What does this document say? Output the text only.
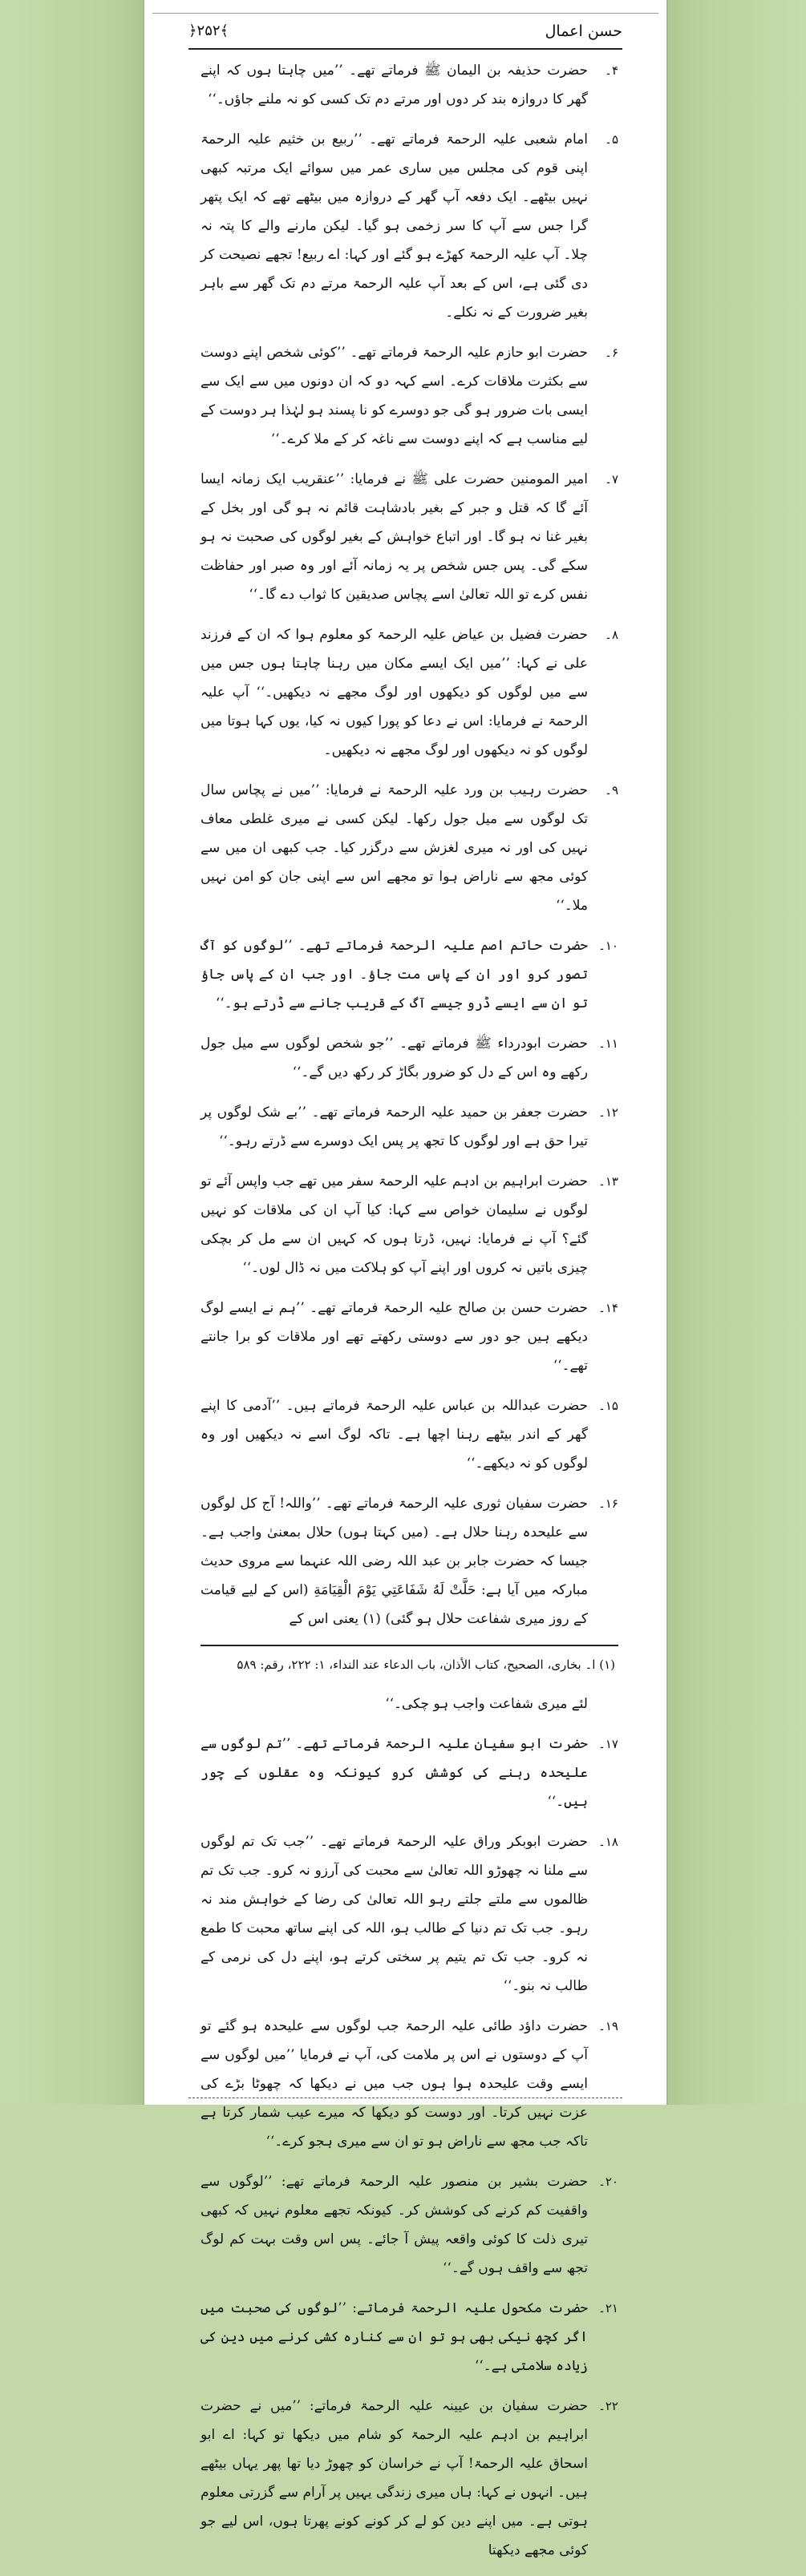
حسن اعمال
﴿۲۵۲﴾
۴۔
حضرت حذیفہ بن الیمان ﷺ فرماتے تھے۔ ’’میں چاہتا ہوں کہ اپنے گھر کا دروازہ بند کر دوں اور مرتے دم تک کسی کو نہ ملنے جاؤں۔‘‘
۵۔
امام شعبی علیہ الرحمۃ فرماتے تھے۔ ’’ربیع بن خثیم علیہ الرحمۃ اپنی قوم کی مجلس میں ساری عمر میں سوائے ایک مرتبہ کبھی نہیں بیٹھے۔ ایک دفعہ آپ گھر کے دروازہ میں بیٹھے تھے کہ ایک پتھر گرا جس سے آپ کا سر زخمی ہو گیا۔ لیکن مارنے والے کا پتہ نہ چلا۔ آپ علیہ الرحمۃ کھڑے ہو گئے اور کہا: اے ربیع! تجھے نصیحت کر دی گئی ہے، اس کے بعد آپ علیہ الرحمۃ مرتے دم تک گھر سے باہر بغیر ضرورت کے نہ نکلے۔
۶۔
حضرت ابو حازم علیہ الرحمۃ فرماتے تھے۔ ’’کوئی شخص اپنے دوست سے بکثرت ملاقات کرے۔ اسے کہہ دو کہ ان دونوں میں سے ایک سے ایسی بات ضرور ہو گی جو دوسرے کو نا پسند ہو لہٰذا ہر دوست کے لیے مناسب ہے کہ اپنے دوست سے ناغہ کر کے ملا کرے۔‘‘
۷۔
امیر المومنین حضرت علی ﷺ نے فرمایا: ’’عنقریب ایک زمانہ ایسا آئے گا کہ قتل و جبر کے بغیر بادشاہت قائم نہ ہو گی اور بخل کے بغیر غنا نہ ہو گا۔ اور اتباع خواہش کے بغیر لوگوں کی صحبت نہ ہو سکے گی۔ پس جس شخص پر یہ زمانہ آئے اور وہ صبر اور حفاظت نفس کرے تو اللہ تعالیٰ اسے پچاس صدیقین کا ثواب دے گا۔‘‘
۸۔
حضرت فضیل بن عیاض علیہ الرحمۃ کو معلوم ہوا کہ ان کے فرزند علی نے کہا: ’’میں ایک ایسے مکان میں رہنا چاہتا ہوں جس میں سے میں لوگوں کو دیکھوں اور لوگ مجھے نہ دیکھیں۔‘‘ آپ علیہ الرحمۃ نے فرمایا: اس نے دعا کو پورا کیوں نہ کیا، یوں کہا ہوتا میں لوگوں کو نہ دیکھوں اور لوگ مجھے نہ دیکھیں۔
۹۔
حضرت رہیب بن ورد علیہ الرحمۃ نے فرمایا: ’’میں نے پچاس سال تک لوگوں سے میل جول رکھا۔ لیکن کسی نے میری غلطی معاف نہیں کی اور نہ میری لغزش سے درگزر کیا۔ جب کبھی ان میں سے کوئی مجھ سے ناراض ہوا تو مجھے اس سے اپنی جان کو امن نہیں ملا۔‘‘
۱۰۔
حضرت حاتم اصم علیہ الرحمۃ فرماتے تھے۔ ’’لوگوں کو آگ تصور کرو اور ان کے پاس مت جاؤ۔ اور جب ان کے پاس جاؤ تو ان سے ایسے ڈرو جیسے آگ کے قریب جانے سے ڈرتے ہو۔‘‘
۱۱۔
حضرت ابودرداء ﷺ فرماتے تھے۔ ’’جو شخص لوگوں سے میل جول رکھے وہ اس کے دل کو ضرور بگاڑ کر رکھ دیں گے۔‘‘
۱۲۔
حضرت جعفر بن حمید علیہ الرحمۃ فرماتے تھے۔ ’’بے شک لوگوں پر تیرا حق ہے اور لوگوں کا تجھ پر پس ایک دوسرے سے ڈرتے رہو۔‘‘
۱۳۔
حضرت ابراہیم بن ادہم علیہ الرحمۃ سفر میں تھے جب واپس آئے تو لوگوں نے سلیمان خواص سے کہا: کیا آپ ان کی ملاقات کو نہیں گئے؟ آپ نے فرمایا: نہیں، ڈرتا ہوں کہ کہیں ان سے مل کر بچکی چیزی باتیں نہ کروں اور اپنے آپ کو ہلاکت میں نہ ڈال لوں۔‘‘
۱۴۔
حضرت حسن بن صالح علیہ الرحمۃ فرماتے تھے۔ ’’ہم نے ایسے لوگ دیکھے ہیں جو دور سے دوستی رکھتے تھے اور ملاقات کو برا جانتے تھے۔‘‘
۱۵۔
حضرت عبداللہ بن عباس علیہ الرحمۃ فرماتے ہیں۔ ’’آدمی کا اپنے گھر کے اندر بیٹھے رہنا اچھا ہے۔ تاکہ لوگ اسے نہ دیکھیں اور وہ لوگوں کو نہ دیکھے۔‘‘
۱۶۔
حضرت سفیان ثوری علیہ الرحمۃ فرماتے تھے۔ ’’واللہ! آج کل لوگوں سے علیحدہ رہنا حلال ہے۔ (میں کہتا ہوں) حلال بمعنیٰ واجب ہے۔ جیسا کہ حضرت جابر بن عبد اللہ رضی اللہ عنہما سے مروی حدیث مبارکہ میں آیا ہے: حَلَّتْ لَهُ شَفَاعَتِي يَوْمَ الْقِيَامَةِ (اس کے لیے قیامت کے روز میری شفاعت حلال ہو گئی) (۱) یعنی اس کے
(۱) ا۔ بخاری، الصحیح، کتاب الأذان، باب الدعاء عند النداء، ۱: ۲۲۲، رقم: ۵۸۹
لئے میری شفاعت واجب ہو چکی۔‘‘
۱۷۔
حضرت ابو سفیان علیہ الرحمۃ فرماتے تھے۔ ’’تم لوگوں سے علیحدہ رہنے کی کوشش کرو کیونکہ وہ عقلوں کے چور ہیں۔‘‘
۱۸۔
حضرت ابوبکر وراق علیہ الرحمۃ فرماتے تھے۔ ’’جب تک تم لوگوں سے ملنا نہ چھوڑو اللہ تعالیٰ سے محبت کی آرزو نہ کرو۔ جب تک تم ظالموں سے ملتے جلتے رہو اللہ تعالیٰ کی رضا کے خواہش مند نہ رہو۔ جب تک تم دنیا کے طالب ہو، اللہ کی اپنے ساتھ محبت کا طمع نہ کرو۔ جب تک تم یتیم پر سختی کرتے ہو، اپنے دل کی نرمی کے طالب نہ بنو۔‘‘
۱۹۔
حضرت داؤد طائی علیہ الرحمۃ جب لوگوں سے علیحدہ ہو گئے تو آپ کے دوستوں نے اس پر ملامت کی، آپ نے فرمایا ’’میں لوگوں سے ایسے وقت علیحدہ ہوا ہوں جب میں نے دیکھا کہ چھوٹا بڑے کی عزت نہیں کرتا۔ اور دوست کو دیکھا کہ میرے عیب شمار کرتا ہے تاکہ جب مجھ سے ناراض ہو تو ان سے میری ہجو کرے۔‘‘
۲۰۔
حضرت بشیر بن منصور علیہ الرحمۃ فرماتے تھے: ’’لوگوں سے واقفیت کم کرنے کی کوشش کر۔ کیونکہ تجھے معلوم نہیں کہ کبھی تیری ذلت کا کوئی واقعہ پیش آ جائے۔ پس اس وقت بہت کم لوگ تجھ سے واقف ہوں گے۔‘‘
۲۱۔
حضرت مکحول علیہ الرحمۃ فرماتے: ’’لوگوں کی صحبت میں اگر کچھ نیکی بھی ہو تو ان سے کنارہ کشی کرنے میں دین کی زیادہ سلامتی ہے۔‘‘
۲۲۔
حضرت سفیان بن عیینہ علیہ الرحمۃ فرماتے: ’’میں نے حضرت ابراہیم بن ادہم علیہ الرحمۃ کو شام میں دیکھا تو کہا: اے ابو اسحاق علیہ الرحمۃ! آپ نے خراسان کو چھوڑ دیا تھا پھر یہاں بیٹھے ہیں۔ انہوں نے کہا: ہاں میری زندگی یہیں پر آرام سے گزرتی معلوم ہوتی ہے۔ میں اپنے دین کو لے کر کونے کونے پھرتا ہوں، اس لیے جو کوئی مجھے دیکھتا
